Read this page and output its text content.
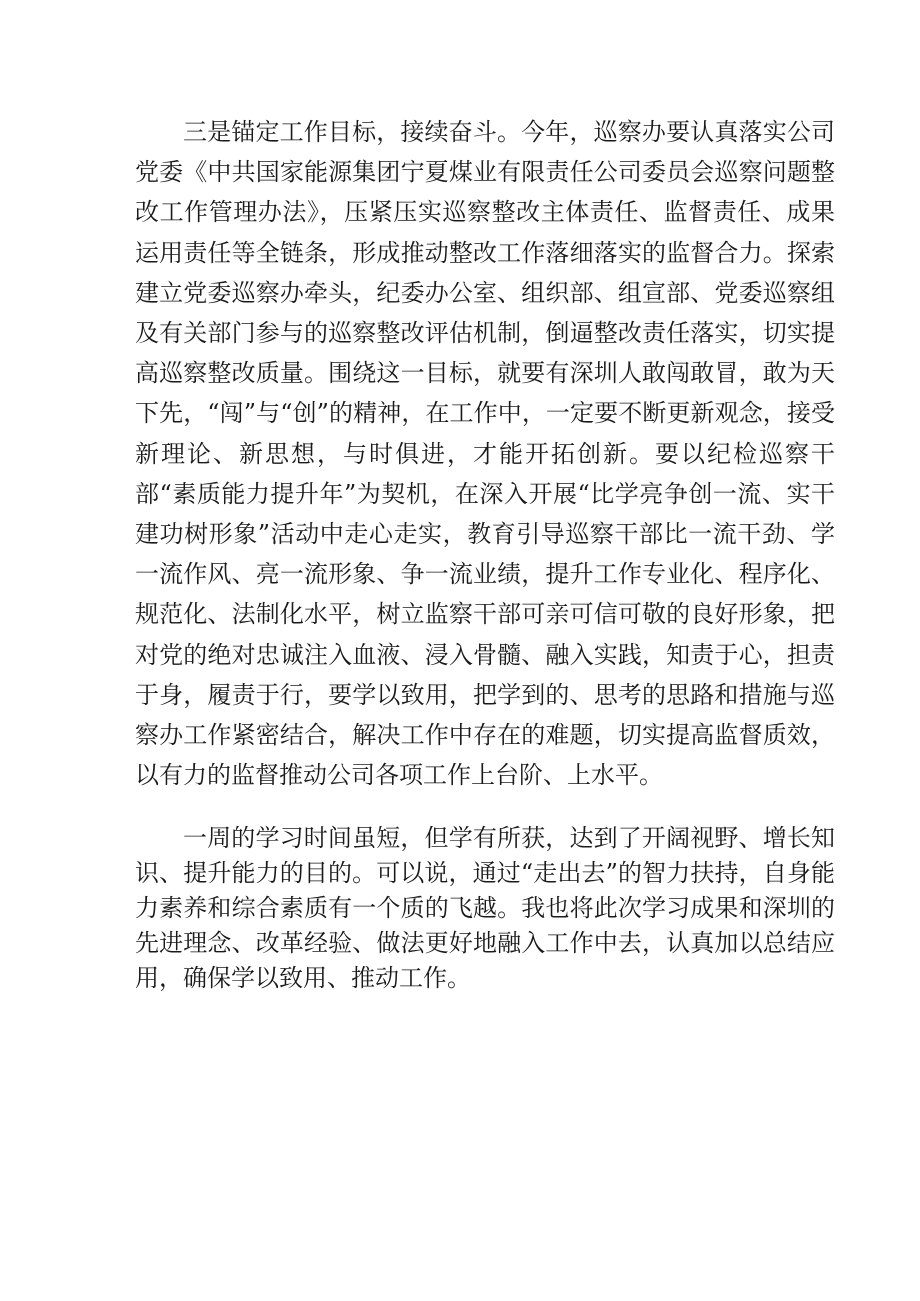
三是锚定工作目标，接续奋斗。今年，巡察办要认真落实公司党委《中共国家能源集团宁夏煤业有限责任公司委员会巡察问题整改工作管理办法》，压紧压实巡察整改主体责任、监督责任、成果运用责任等全链条，形成推动整改工作落细落实的监督合力。探索建立党委巡察办牵头，纪委办公室、组织部、组宣部、党委巡察组及有关部门参与的巡察整改评估机制，倒逼整改责任落实，切实提高巡察整改质量。围绕这一目标，就要有深圳人敢闯敢冒，敢为天下先，“闯”与“创”的精神，在工作中，一定要不断更新观念，接受新理论、新思想，与时俱进，才能开拓创新。要以纪检巡察干部“素质能力提升年”为契机，在深入开展“比学亮争创一流、实干建功树形象”活动中走心走实，教育引导巡察干部比一流干劲、学一流作风、亮一流形象、争一流业绩，提升工作专业化、程序化、规范化、法制化水平，树立监察干部可亲可信可敬的良好形象，把对党的绝对忠诚注入血液、浸入骨髓、融入实践，知责于心，担责于身，履责于行，要学以致用，把学到的、思考的思路和措施与巡察办工作紧密结合，解决工作中存在的难题，切实提高监督质效，以有力的监督推动公司各项工作上台阶、上水平。

一周的学习时间虽短，但学有所获，达到了开阔视野、增长知识、提升能力的目的。可以说，通过“走出去”的智力扶持，自身能力素养和综合素质有一个质的飞越。我也将此次学习成果和深圳的先进理念、改革经验、做法更好地融入工作中去，认真加以总结应用，确保学以致用、推动工作。
